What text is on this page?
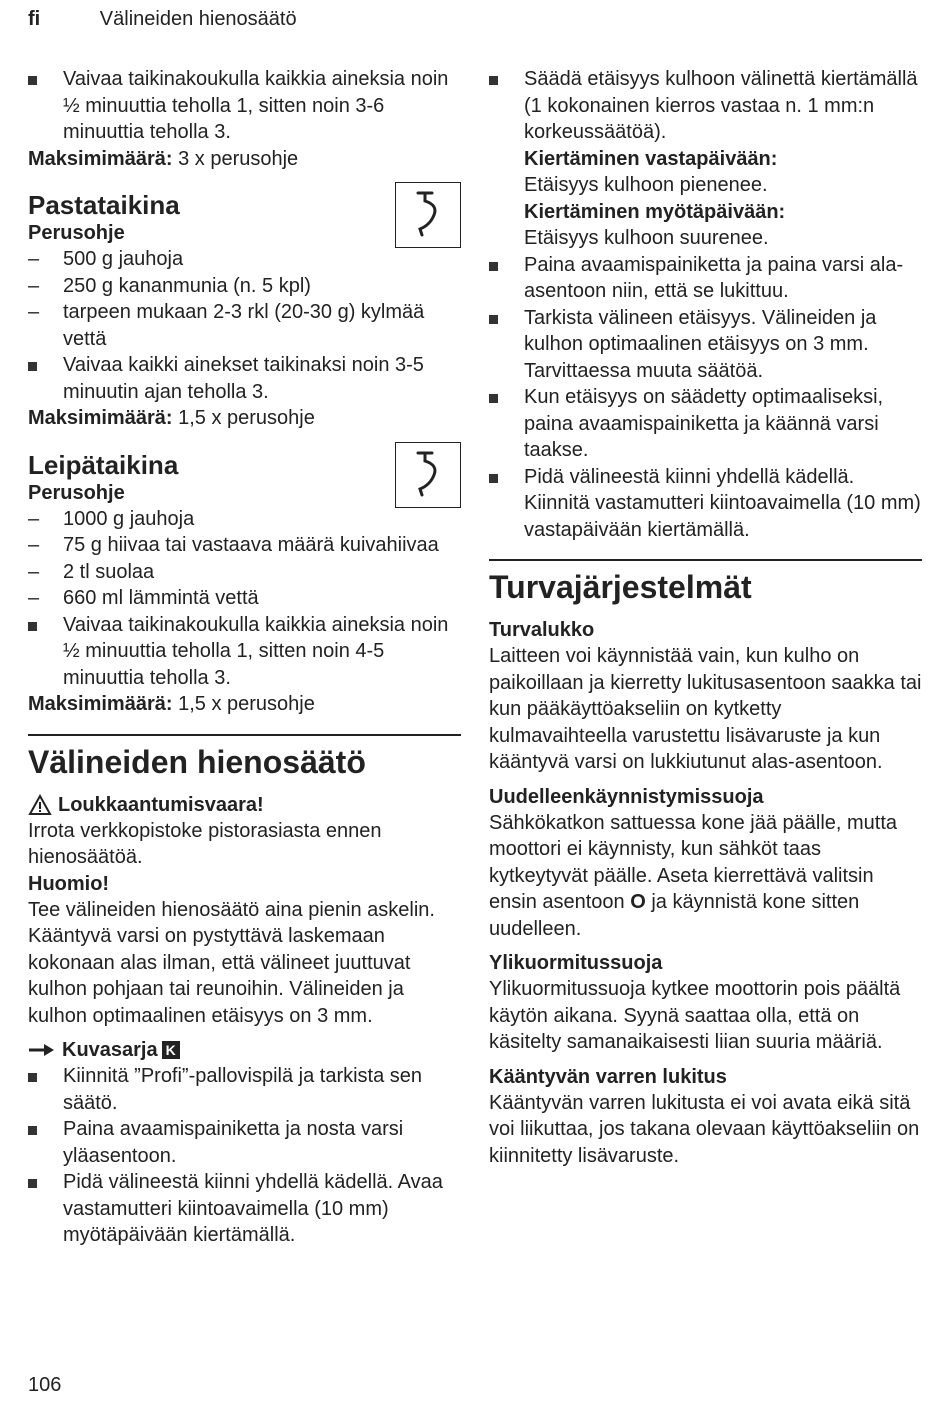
fi	Välineiden hienosäätö
Vaivaa taikinakoukulla kaikkia aineksia noin ½ minuuttia teholla 1, sitten noin 3-6 minuuttia teholla 3.
Maksimimäärä: 3 x perusohje
Pastataikina
Perusohje
– 500 g jauhoja
– 250 g kananmunia (n. 5 kpl)
– tarpeen mukaan 2-3 rkl (20-30 g) kylmää vettä
Vaivaa kaikki ainekset taikinaksi noin 3-5 minuutin ajan teholla 3.
Maksimimäärä: 1,5 x perusohje
Leipätaikina
Perusohje
– 1000 g jauhoja
– 75 g hiivaa tai vastaava määrä kuivahiivaa
– 2 tl suolaa
– 660 ml lämmintä vettä
Vaivaa taikinakoukulla kaikkia aineksia noin ½ minuuttia teholla 1, sitten noin 4-5 minuuttia teholla 3.
Maksimimäärä: 1,5 x perusohje
Välineiden hienosäätö
Loukkaantumisvaara!
Irrota verkkopistoke pistorasiasta ennen hienosäätöä.
Huomio!
Tee välineiden hienosäätö aina pienin askelin. Kääntyvä varsi on pystyttävä laskemaan kokonaan alas ilman, että välineet juuttuvat kulhon pohjaan tai reunoihin. Välineiden ja kulhon optimaalinen etäisyys on 3 mm.
Kuvasarja K
Kiinnitä ”Profi”-pallovispilä ja tarkista sen säätö.
Paina avaamispainiketta ja nosta varsi yläasentoon.
Pidä välineestä kiinni yhdellä kädellä. Avaa vastamutteri kiintoavaimella (10 mm) myötäpäivään kiertämällä.
Säädä etäisyys kulhoon välinettä kiertämällä (1 kokonainen kierros vastaa n. 1 mm:n korkeussäätöä).
Kiertäminen vastapäivään:
Etäisyys kulhoon pienenee.
Kiertäminen myötäpäivään:
Etäisyys kulhoon suurenee.
Paina avaamispainiketta ja paina varsi ala-asentoon niin, että se lukittuu.
Tarkista välineen etäisyys. Välineiden ja kulhon optimaalinen etäisyys on 3 mm. Tarvittaessa muuta säätöä.
Kun etäisyys on säädetty optimaaliseksi, paina avaamispainiketta ja käännä varsi taakse.
Pidä välineestä kiinni yhdellä kädellä. Kiinnitä vastamutteri kiintoavaimella (10 mm) vastapäivään kiertämällä.
Turvajärjestelmät
Turvalukko
Laitteen voi käynnistää vain, kun kulho on paikoillaan ja kierretty lukitusasentoon saakka tai kun pääkäyttöakseliin on kytketty kulmavaihteella varustettu lisävaruste ja kun kääntyvä varsi on lukkiutunut alas-asentoon.
Uudelleenkäynnistymissuoja
Sähkökatkon sattuessa kone jää päälle, mutta moottori ei käynnisty, kun sähköt taas kytkeytyvät päälle. Aseta kierrettävä valitsin ensin asentoon O ja käynnistä kone sitten uudelleen.
Ylikuormitussuoja
Ylikuormitussuoja kytkee moottorin pois päältä käytön aikana. Syynä saattaa olla, että on käsitelty samanaikaisesti liian suuria määriä.
Kääntyvän varren lukitus
Kääntyvän varren lukitusta ei voi avata eikä sitä voi liikuttaa, jos takana olevaan käyttöakseliin on kiinnitetty lisävaruste.
106
